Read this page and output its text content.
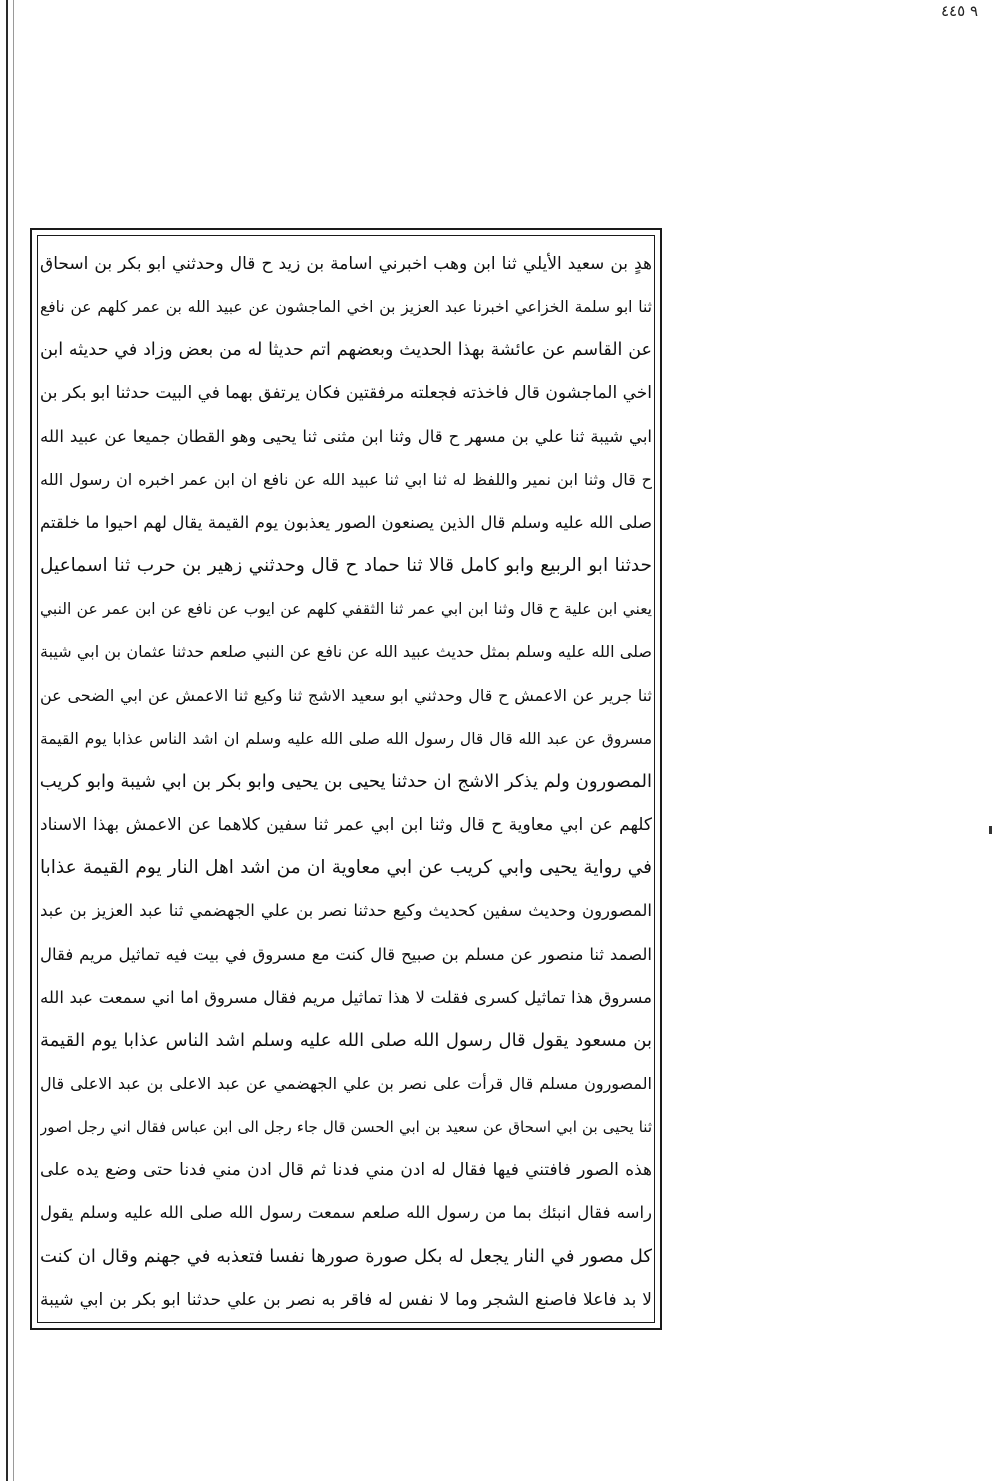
٩ ٤٤٥
هدٍ بن سعيد الأيلي ثنا ابن وهب اخبرني اسامة بن زيد ح قال وحدثني ابو بكر بن اسحاق
ثنا ابو سلمة الخزاعي اخبرنا عبد العزيز بن اخي الماجشون عن عبيد الله بن عمر كلهم عن نافع
عن القاسم عن عائشة بهذا الحديث وبعضهم اتم حديثا له من بعض وزاد في حديثه ابن
اخي الماجشون قال فاخذته فجعلته مرفقتين فكان يرتفق بهما في البيت حدثنا ابو بكر بن
ابي شيبة ثنا علي بن مسهر ح قال وثنا ابن مثنى ثنا يحيى وهو القطان جميعا عن عبيد الله
ح قال وثنا ابن نمير واللفظ له ثنا ابي ثنا عبيد الله عن نافع ان ابن عمر اخبره ان رسول الله
صلى الله عليه وسلم قال الذين يصنعون الصور يعذبون يوم القيمة يقال لهم احيوا ما خلقتم
حدثنا ابو الربيع وابو كامل قالا ثنا حماد ح قال وحدثني زهير بن حرب ثنا اسماعيل
يعني ابن علية ح قال وثنا ابن ابي عمر ثنا الثقفي كلهم عن ايوب عن نافع عن ابن عمر عن النبي
صلى الله عليه وسلم بمثل حديث عبيد الله عن نافع عن النبي صلعم حدثنا عثمان بن ابي شيبة
ثنا جرير عن الاعمش ح قال وحدثني ابو سعيد الاشج ثنا وكيع ثنا الاعمش عن ابي الضحى عن
مسروق عن عبد الله قال قال رسول الله صلى الله عليه وسلم ان اشد الناس عذابا يوم القيمة
المصورون ولم يذكر الاشج ان حدثنا يحيى بن يحيى وابو بكر بن ابي شيبة وابو كريب
كلهم عن ابي معاوية ح قال وثنا ابن ابي عمر ثنا سفين كلاهما عن الاعمش بهذا الاسناد
في رواية يحيى وابي كريب عن ابي معاوية ان من اشد اهل النار يوم القيمة عذابا
المصورون وحديث سفين كحديث وكيع حدثنا نصر بن علي الجهضمي ثنا عبد العزيز بن عبد
الصمد ثنا منصور عن مسلم بن صبيح قال كنت مع مسروق في بيت فيه تماثيل مريم فقال
مسروق هذا تماثيل كسرى فقلت لا هذا تماثيل مريم فقال مسروق اما اني سمعت عبد الله
بن مسعود يقول قال رسول الله صلى الله عليه وسلم اشد الناس عذابا يوم القيمة
المصورون مسلم قال قرأت على نصر بن علي الجهضمي عن عبد الاعلى بن عبد الاعلى قال
ثنا يحيى بن ابي اسحاق عن سعيد بن ابي الحسن قال جاء رجل الى ابن عباس فقال اني رجل اصور
هذه الصور فافتني فيها فقال له ادن مني فدنا ثم قال ادن مني فدنا حتى وضع يده على
راسه فقال انبئك بما من رسول الله صلعم سمعت رسول الله صلى الله عليه وسلم يقول
كل مصور في النار يجعل له بكل صورة صورها نفسا فتعذبه في جهنم وقال ان كنت
لا بد فاعلا فاصنع الشجر وما لا نفس له فاقر به نصر بن علي حدثنا ابو بكر بن ابي شيبة
